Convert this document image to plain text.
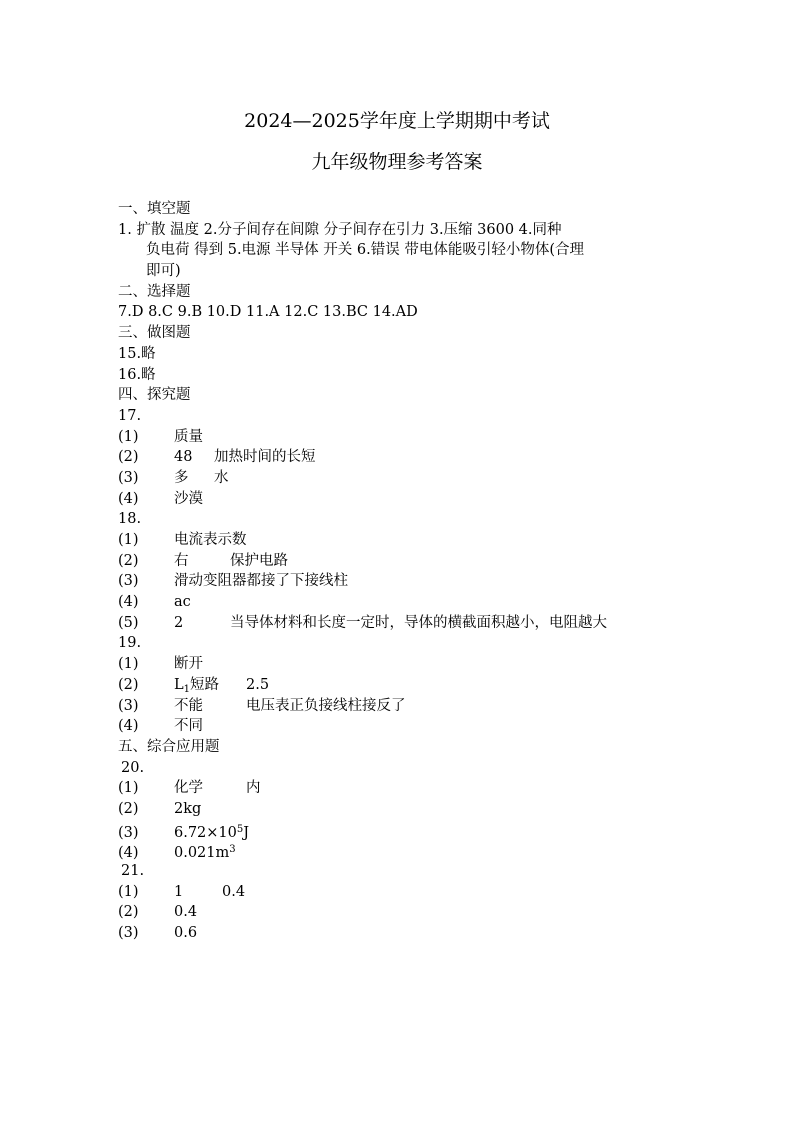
2024—2025学年度上学期期中考试
九年级物理参考答案
一、填空题
1. 扩散 温度 2.分子间存在间隙 分子间存在引力 3.压缩 3600 4.同种
负电荷 得到 5.电源 半导体 开关 6.错误 带电体能吸引轻小物体(合理
即可)
二、选择题
7.D 8.C 9.B 10.D 11.A 12.C 13.BC 14.AD
三、做图题
15.略
16.略
四、探究题
17.
(1) 质量
(2) 48 加热时间的长短
(3) 多 水
(4) 沙漠
18.
(1) 电流表示数
(2) 右	保护电路
(3) 滑动变阻器都接了下接线柱
(4) ac
(5) 2	当导体材料和长度一定时，导体的横截面积越小，电阻越大
19.
(1) 断开
(2) $L_1$短路 2.5
(3) 不能	电压表正负接线柱接反了
(4) 不同
五、综合应用题
20.
(1) 化学	内
(2) 2kg
(3) $6.72\times 10^5J$
(4) $0.021m^3$
21.
(1) 1	0.4
(2) 0.4
(3) 0.6
